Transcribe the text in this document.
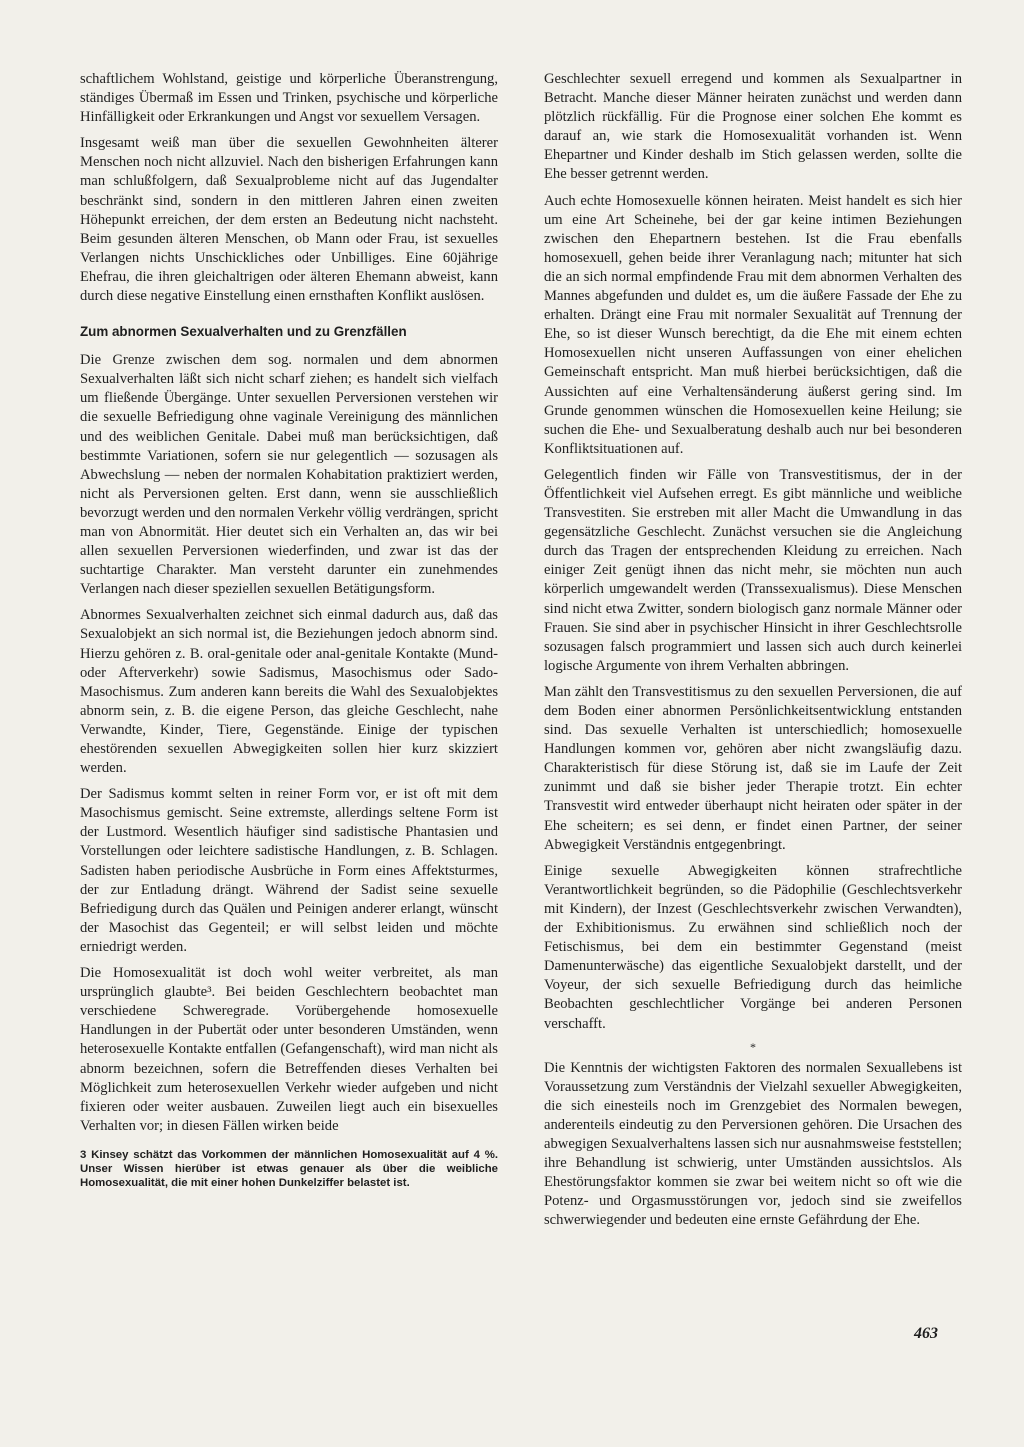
schaftlichem Wohlstand, geistige und körperliche Überanstrengung, ständiges Übermaß im Essen und Trinken, psychische und körperliche Hinfälligkeit oder Erkrankungen und Angst vor sexuellem Versagen.

Insgesamt weiß man über die sexuellen Gewohnheiten älterer Menschen noch nicht allzuviel. Nach den bisherigen Erfahrungen kann man schlußfolgern, daß Sexualprobleme nicht auf das Jugendalter beschränkt sind, sondern in den mittleren Jahren einen zweiten Höhepunkt erreichen, der dem ersten an Bedeutung nicht nachsteht. Beim gesunden älteren Menschen, ob Mann oder Frau, ist sexuelles Verlangen nichts Unschickliches oder Unbilliges. Eine 60jährige Ehefrau, die ihren gleichaltrigen oder älteren Ehemann abweist, kann durch diese negative Einstellung einen ernsthaften Konflikt auslösen.

Zum abnormen Sexualverhalten und zu Grenzfällen

Die Grenze zwischen dem sog. normalen und dem abnormen Sexualverhalten läßt sich nicht scharf ziehen; es handelt sich vielfach um fließende Übergänge. Unter sexuellen Perversionen verstehen wir die sexuelle Befriedigung ohne vaginale Vereinigung des männlichen und des weiblichen Genitale. Dabei muß man berücksichtigen, daß bestimmte Variationen, sofern sie nur gelegentlich — sozusagen als Abwechslung — neben der normalen Kohabitation praktiziert werden, nicht als Perversionen gelten. Erst dann, wenn sie ausschließlich bevorzugt werden und den normalen Verkehr völlig verdrängen, spricht man von Abnormität. Hier deutet sich ein Verhalten an, das wir bei allen sexuellen Perversionen wiederfinden, und zwar ist das der suchtartige Charakter. Man versteht darunter ein zunehmendes Verlangen nach dieser speziellen sexuellen Betätigungsform.

Abnormes Sexualverhalten zeichnet sich einmal dadurch aus, daß das Sexualobjekt an sich normal ist, die Beziehungen jedoch abnorm sind. Hierzu gehören z. B. oral-genitale oder anal-genitale Kontakte (Mund- oder Afterverkehr) sowie Sadismus, Masochismus oder Sado-Masochismus. Zum anderen kann bereits die Wahl des Sexualobjektes abnorm sein, z. B. die eigene Person, das gleiche Geschlecht, nahe Verwandte, Kinder, Tiere, Gegenstände. Einige der typischen ehestörenden sexuellen Abwegigkeiten sollen hier kurz skizziert werden.

Der Sadismus kommt selten in reiner Form vor, er ist oft mit dem Masochismus gemischt. Seine extremste, allerdings seltene Form ist der Lustmord. Wesentlich häufiger sind sadistische Phantasien und Vorstellungen oder leichtere sadistische Handlungen, z. B. Schlagen. Sadisten haben periodische Ausbrüche in Form eines Affektsturmes, der zur Entladung drängt. Während der Sadist seine sexuelle Befriedigung durch das Quälen und Peinigen anderer erlangt, wünscht der Masochist das Gegenteil; er will selbst leiden und möchte erniedrigt werden.

Die Homosexualität ist doch wohl weiter verbreitet, als man ursprünglich glaubte³. Bei beiden Geschlechtern beobachtet man verschiedene Schweregrade. Vorübergehende homosexuelle Handlungen in der Pubertät oder unter besonderen Umständen, wenn heterosexuelle Kontakte entfallen (Gefangenschaft), wird man nicht als abnorm bezeichnen, sofern die Betreffenden dieses Verhalten bei Möglichkeit zum heterosexuellen Verkehr wieder aufgeben und nicht fixieren oder weiter ausbauen. Zuweilen liegt auch ein bisexuelles Verhalten vor; in diesen Fällen wirken beide

3 Kinsey schätzt das Vorkommen der männlichen Homosexualität auf 4 %. Unser Wissen hierüber ist etwas genauer als über die weibliche Homosexualität, die mit einer hohen Dunkelziffer belastet ist.

Geschlechter sexuell erregend und kommen als Sexualpartner in Betracht. Manche dieser Männer heiraten zunächst und werden dann plötzlich rückfällig. Für die Prognose einer solchen Ehe kommt es darauf an, wie stark die Homosexualität vorhanden ist. Wenn Ehepartner und Kinder deshalb im Stich gelassen werden, sollte die Ehe besser getrennt werden.

Auch echte Homosexuelle können heiraten. Meist handelt es sich hier um eine Art Scheinehe, bei der gar keine intimen Beziehungen zwischen den Ehepartnern bestehen. Ist die Frau ebenfalls homosexuell, gehen beide ihrer Veranlagung nach; mitunter hat sich die an sich normal empfindende Frau mit dem abnormen Verhalten des Mannes abgefunden und duldet es, um die äußere Fassade der Ehe zu erhalten. Drängt eine Frau mit normaler Sexualität auf Trennung der Ehe, so ist dieser Wunsch berechtigt, da die Ehe mit einem echten Homosexuellen nicht unseren Auffassungen von einer ehelichen Gemeinschaft entspricht. Man muß hierbei berücksichtigen, daß die Aussichten auf eine Verhaltensänderung äußerst gering sind. Im Grunde genommen wünschen die Homosexuellen keine Heilung; sie suchen die Ehe- und Sexualberatung deshalb auch nur bei besonderen Konfliktsituationen auf.

Gelegentlich finden wir Fälle von Transvestitismus, der in der Öffentlichkeit viel Aufsehen erregt. Es gibt männliche und weibliche Transvestiten. Sie erstreben mit aller Macht die Umwandlung in das gegensätzliche Geschlecht. Zunächst versuchen sie die Angleichung durch das Tragen der entsprechenden Kleidung zu erreichen. Nach einiger Zeit genügt ihnen das nicht mehr, sie möchten nun auch körperlich umgewandelt werden (Transsexualismus). Diese Menschen sind nicht etwa Zwitter, sondern biologisch ganz normale Männer oder Frauen. Sie sind aber in psychischer Hinsicht in ihrer Geschlechtsrolle sozusagen falsch programmiert und lassen sich auch durch keinerlei logische Argumente von ihrem Verhalten abbringen.

Man zählt den Transvestitismus zu den sexuellen Perversionen, die auf dem Boden einer abnormen Persönlichkeitsentwicklung entstanden sind. Das sexuelle Verhalten ist unterschiedlich; homosexuelle Handlungen kommen vor, gehören aber nicht zwangsläufig dazu. Charakteristisch für diese Störung ist, daß sie im Laufe der Zeit zunimmt und daß sie bisher jeder Therapie trotzt. Ein echter Transvestit wird entweder überhaupt nicht heiraten oder später in der Ehe scheitern; es sei denn, er findet einen Partner, der seiner Abwegigkeit Verständnis entgegenbringt.

Einige sexuelle Abwegigkeiten können strafrechtliche Verantwortlichkeit begründen, so die Pädophilie (Geschlechtsverkehr mit Kindern), der Inzest (Geschlechtsverkehr zwischen Verwandten), der Exhibitionismus. Zu erwähnen sind schließlich noch der Fetischismus, bei dem ein bestimmter Gegenstand (meist Damenunterwäsche) das eigentliche Sexualobjekt darstellt, und der Voyeur, der sich sexuelle Befriedigung durch das heimliche Beobachten geschlechtlicher Vorgänge bei anderen Personen verschafft.

*

Die Kenntnis der wichtigsten Faktoren des normalen Sexuallebens ist Voraussetzung zum Verständnis der Vielzahl sexueller Abwegigkeiten, die sich einesteils noch im Grenzgebiet des Normalen bewegen, anderenteils eindeutig zu den Perversionen gehören. Die Ursachen des abwegigen Sexualverhaltens lassen sich nur ausnahmsweise feststellen; ihre Behandlung ist schwierig, unter Umständen aussichtslos. Als Ehestörungsfaktor kommen sie zwar bei weitem nicht so oft wie die Potenz- und Orgasmusstörungen vor, jedoch sind sie zweifellos schwerwiegender und bedeuten eine ernste Gefährdung der Ehe.

463
